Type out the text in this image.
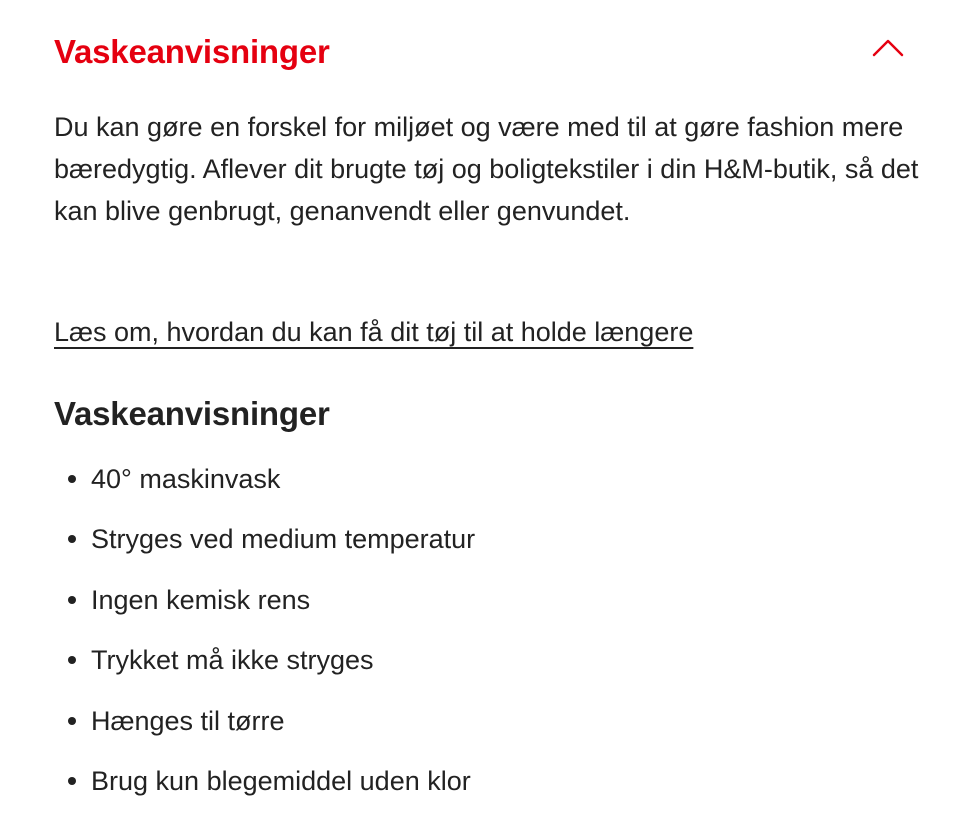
Vaskeanvisninger

Du kan gøre en forskel for miljøet og være med til at gøre fashion mere bæredygtig. Aflever dit brugte tøj og boligtekstiler i din H&M-butik, så det kan blive genbrugt, genanvendt eller genvundet.

Læs om, hvordan du kan få dit tøj til at holde længere
Vaskeanvisninger
40° maskinvask
Stryges ved medium temperatur
Ingen kemisk rens
Trykket må ikke stryges
Hænges til tørre
Brug kun blegemiddel uden klor
